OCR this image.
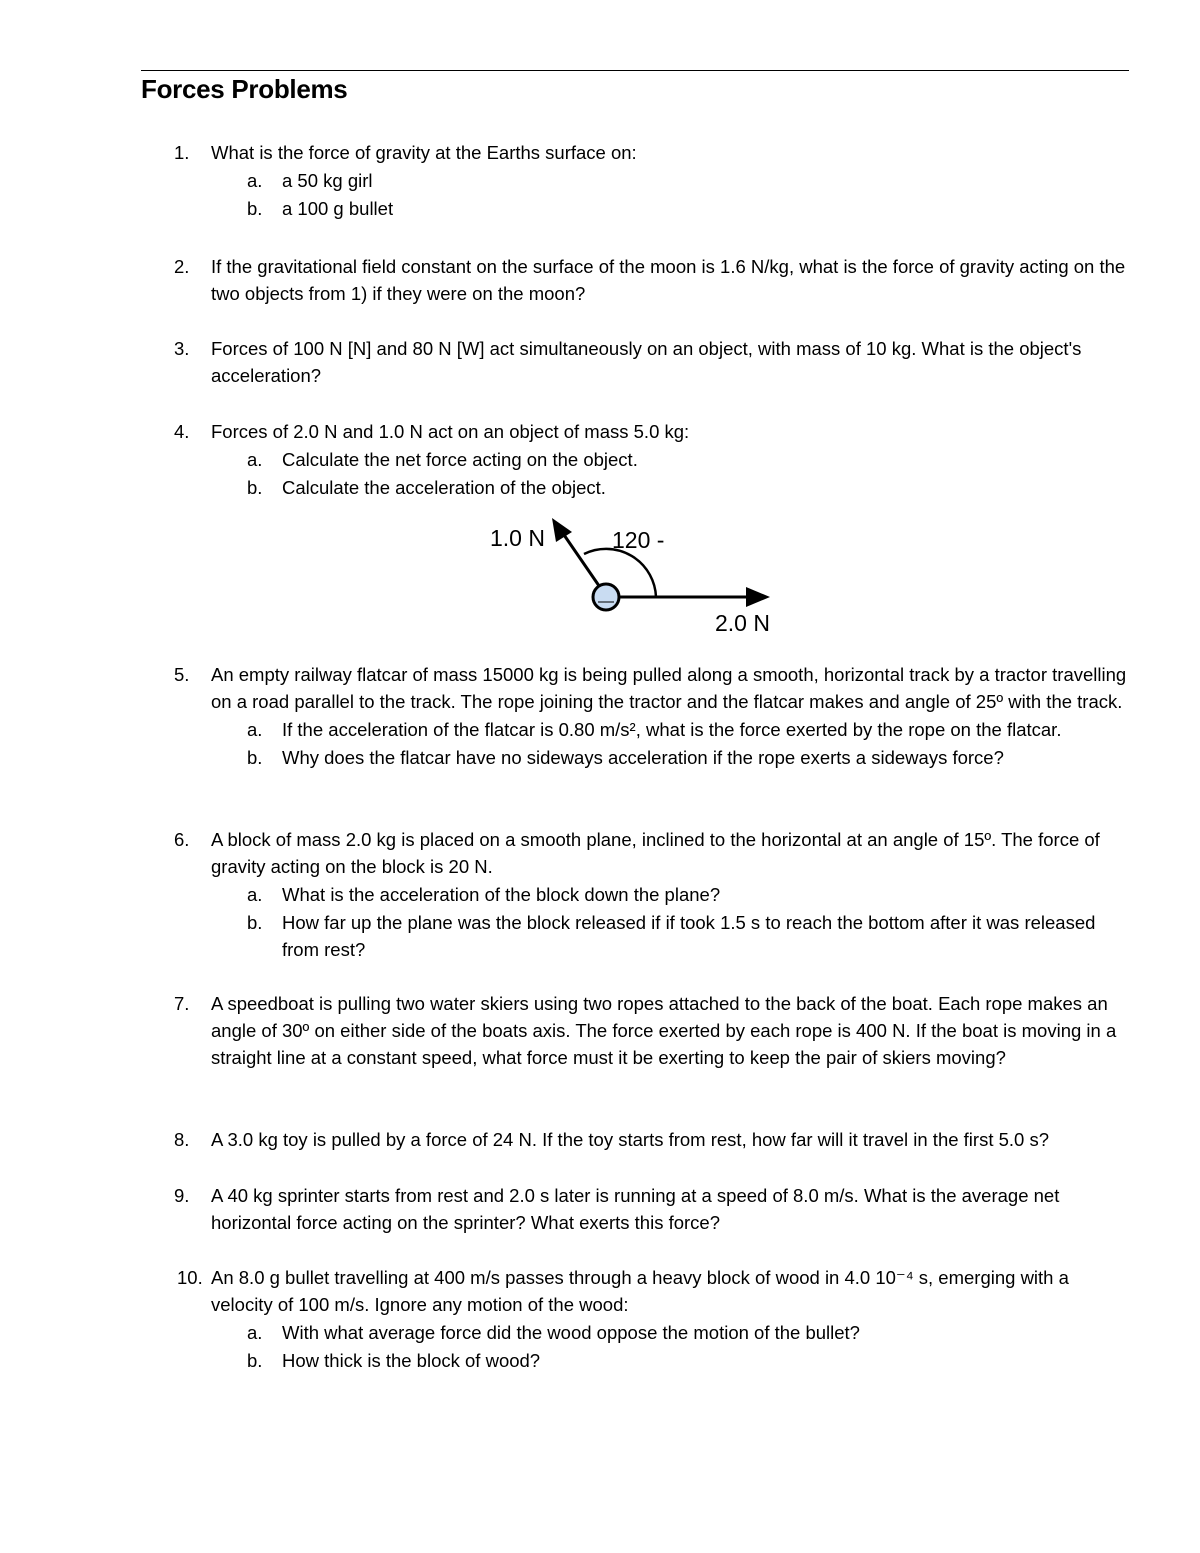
Forces Problems
1.	What is the force of gravity at the Earths surface on:
a. a 50 kg girl
b. a 100 g bullet
2.	If the gravitational field constant on the surface of the moon is 1.6 N/kg, what is the force of gravity acting on the two objects from 1) if they were on the moon?
3.	Forces of 100 N [N] and 80 N [W] act simultaneously on an object, with mass of 10 kg. What is the object's acceleration?
4.	Forces of 2.0 N and 1.0 N act on an object of mass 5.0 kg:
a. Calculate the net force acting on the object.
b. Calculate the acceleration of the object.
1.0 N	120 -
2.0 N
5.	An empty railway flatcar of mass 15000 kg is being pulled along a smooth, horizontal track by a tractor travelling on a road parallel to the track. The rope joining the tractor and the flatcar makes and angle of 25º with the track.
a. If the acceleration of the flatcar is 0.80 m/s², what is the force exerted by the rope on the flatcar.
b. Why does the flatcar have no sideways acceleration if the rope exerts a sideways force?
6.	A block of mass 2.0 kg is placed on a smooth plane, inclined to the horizontal at an angle of 15º. The force of gravity acting on the block is 20 N.
a. What is the acceleration of the block down the plane?
b. How far up the plane was the block released if if took 1.5 s to reach the bottom after it was released from rest?
7.	A speedboat is pulling two water skiers using two ropes attached to the back of the boat. Each rope makes an angle of 30º on either side of the boats axis. The force exerted by each rope is 400 N. If the boat is moving in a straight line at a constant speed, what force must it be exerting to keep the pair of skiers moving?
8.	A 3.0 kg toy is pulled by a force of 24 N. If the toy starts from rest, how far will it travel in the first 5.0 s?
9.	A 40 kg sprinter starts from rest and 2.0 s later is running at a speed of 8.0 m/s. What is the average net horizontal force acting on the sprinter? What exerts this force?
10. An 8.0 g bullet travelling at 400 m/s passes through a heavy block of wood in 4.0 10⁻⁴ s, emerging with a velocity of 100 m/s. Ignore any motion of the wood:
a. With what average force did the wood oppose the motion of the bullet?
b. How thick is the block of wood?
